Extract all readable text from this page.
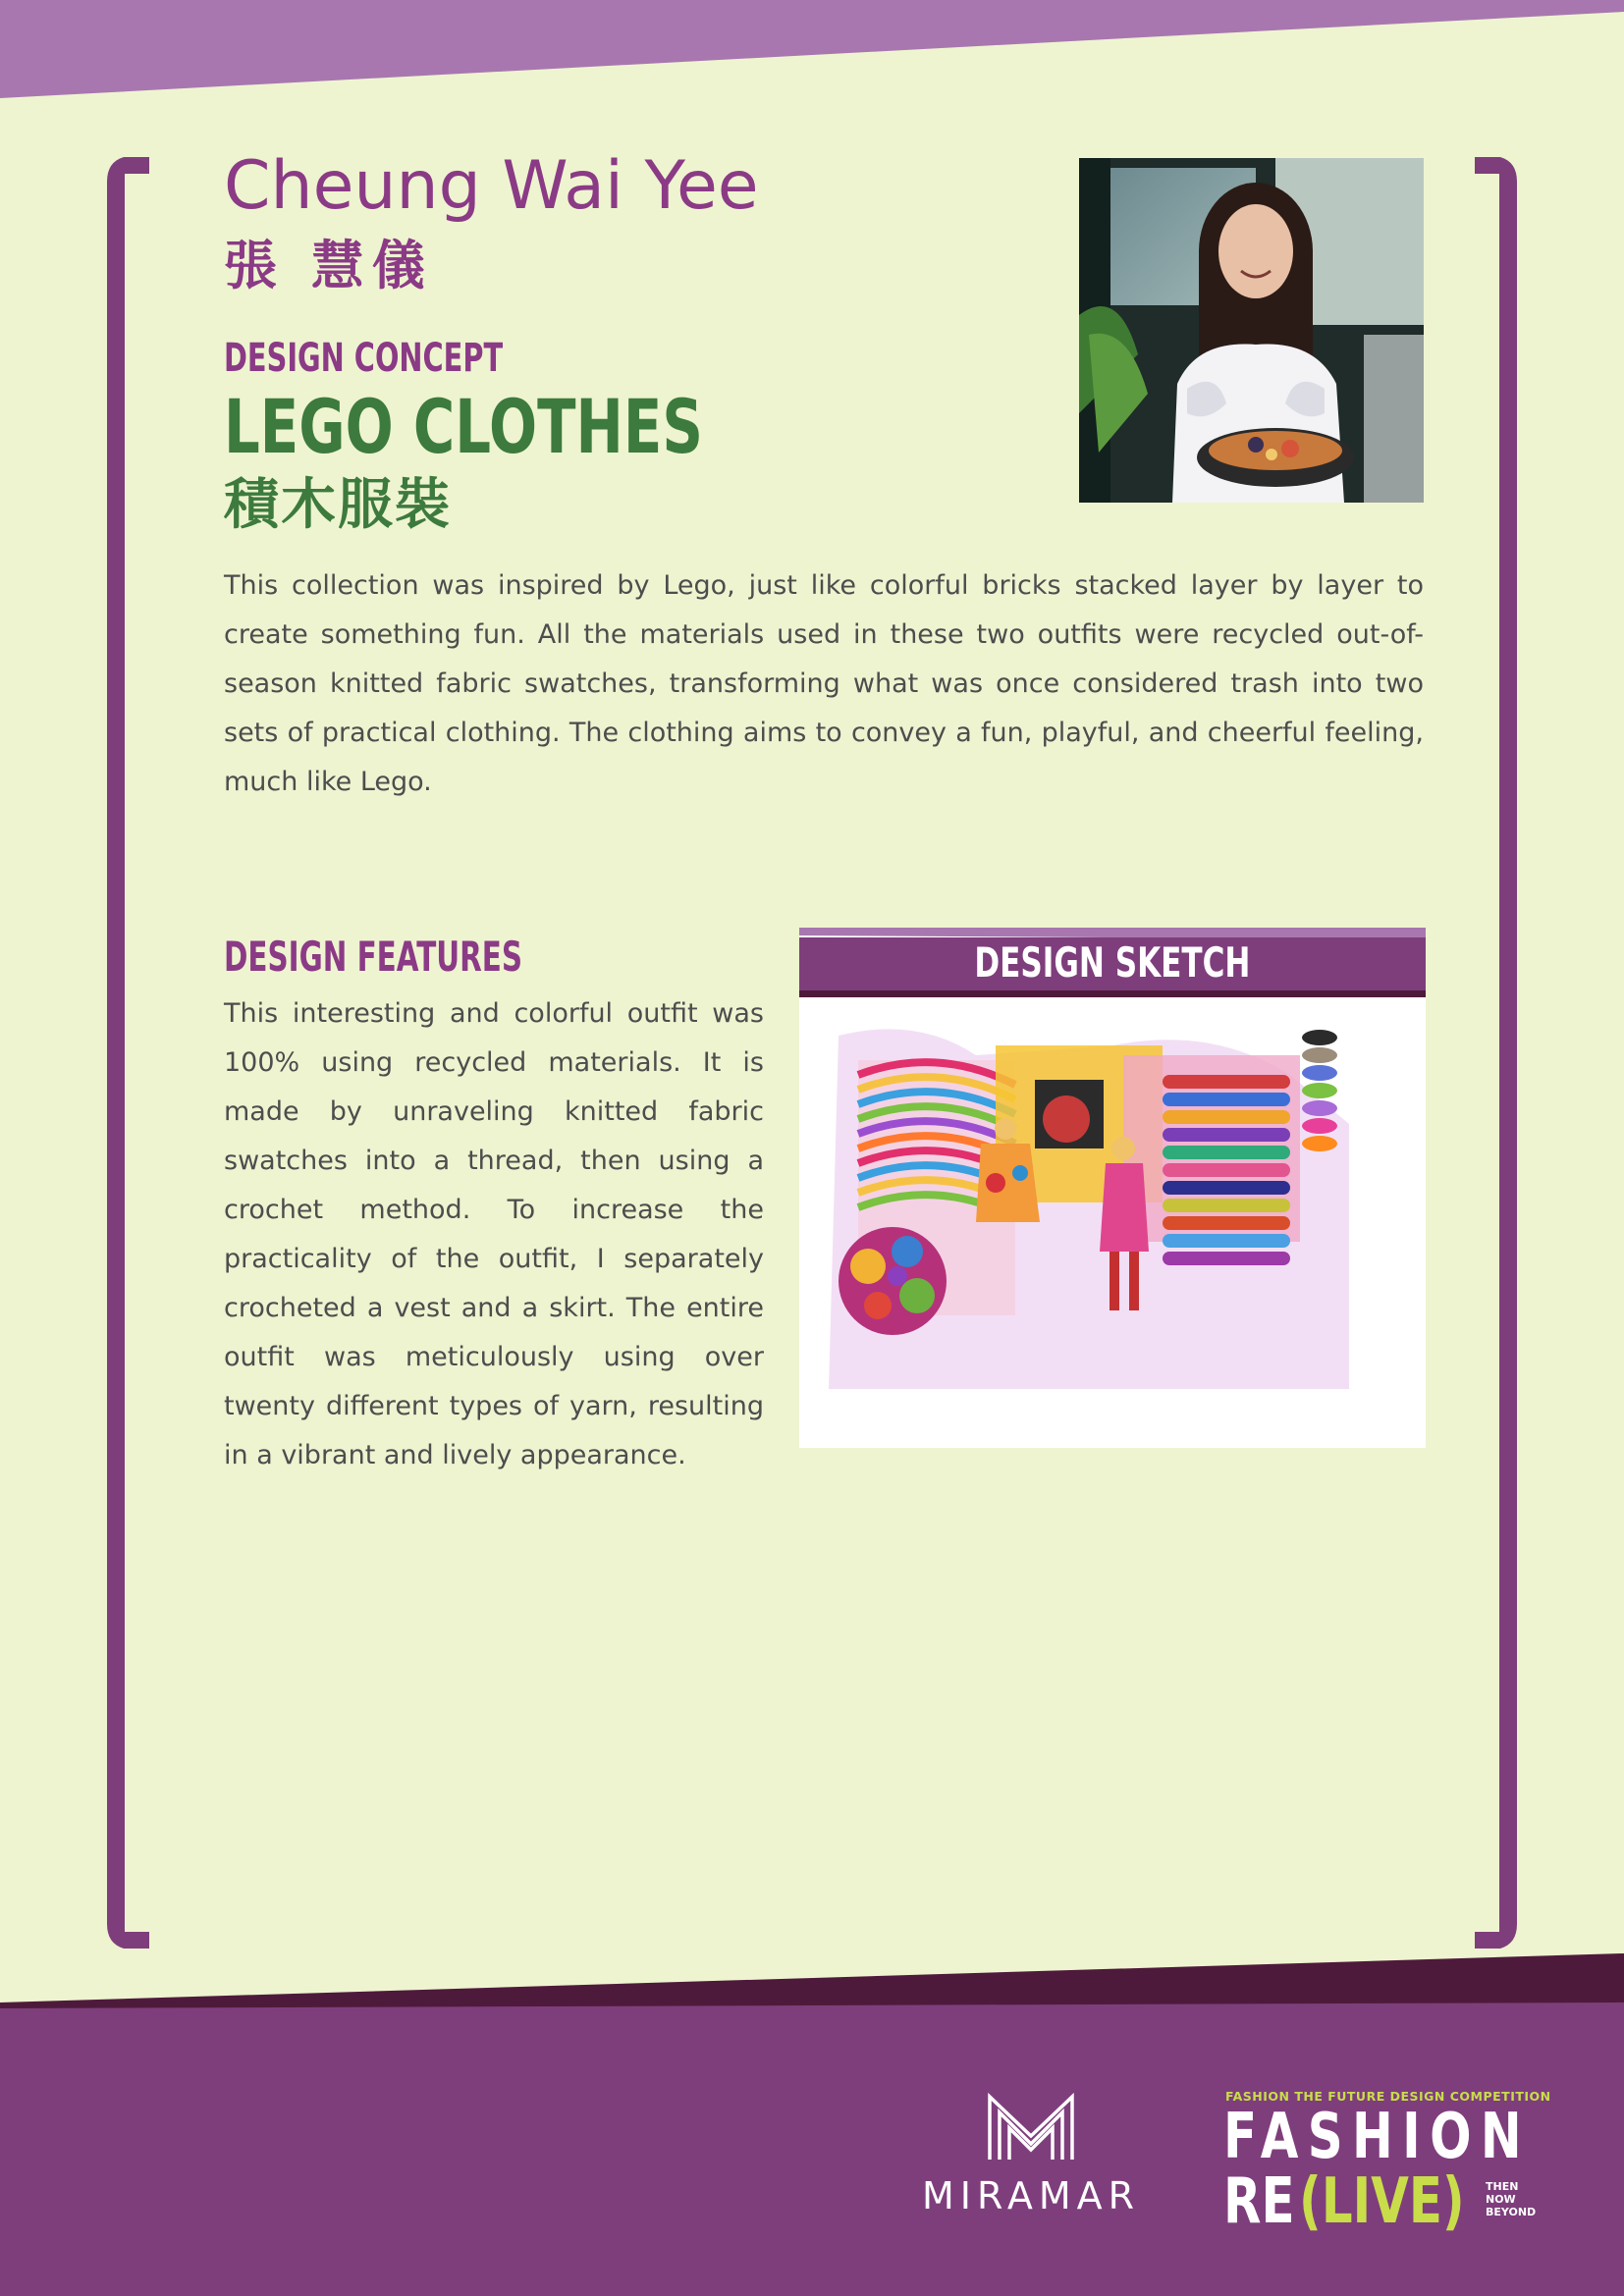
Cheung Wai Yee
張 慧儀
DESIGN CONCEPT
LEGO CLOTHES
積木服裝
This collection was inspired by Lego, just like colorful bricks stacked layer by layer to create something fun. All the materials used in these two outfits were recycled out-of-season knitted fabric swatches, transforming what was once considered trash into two sets of practical clothing. The clothing aims to convey a fun, playful, and cheerful feeling, much like Lego.
DESIGN FEATURES
This interesting and colorful outfit was 100% using recycled materials. It is made by unraveling knitted fabric swatches into a thread, then using a crochet method. To increase the practicality of the outfit, I separately crocheted a vest and a skirt. The entire outfit was meticulously using over twenty different types of yarn, resulting in a vibrant and lively appearance.
DESIGN SKETCH
MIRAMAR
FASHION THE FUTURE DESIGN COMPETITION
FASHION
RE (LIVE) THEN
NOW
BEYOND
